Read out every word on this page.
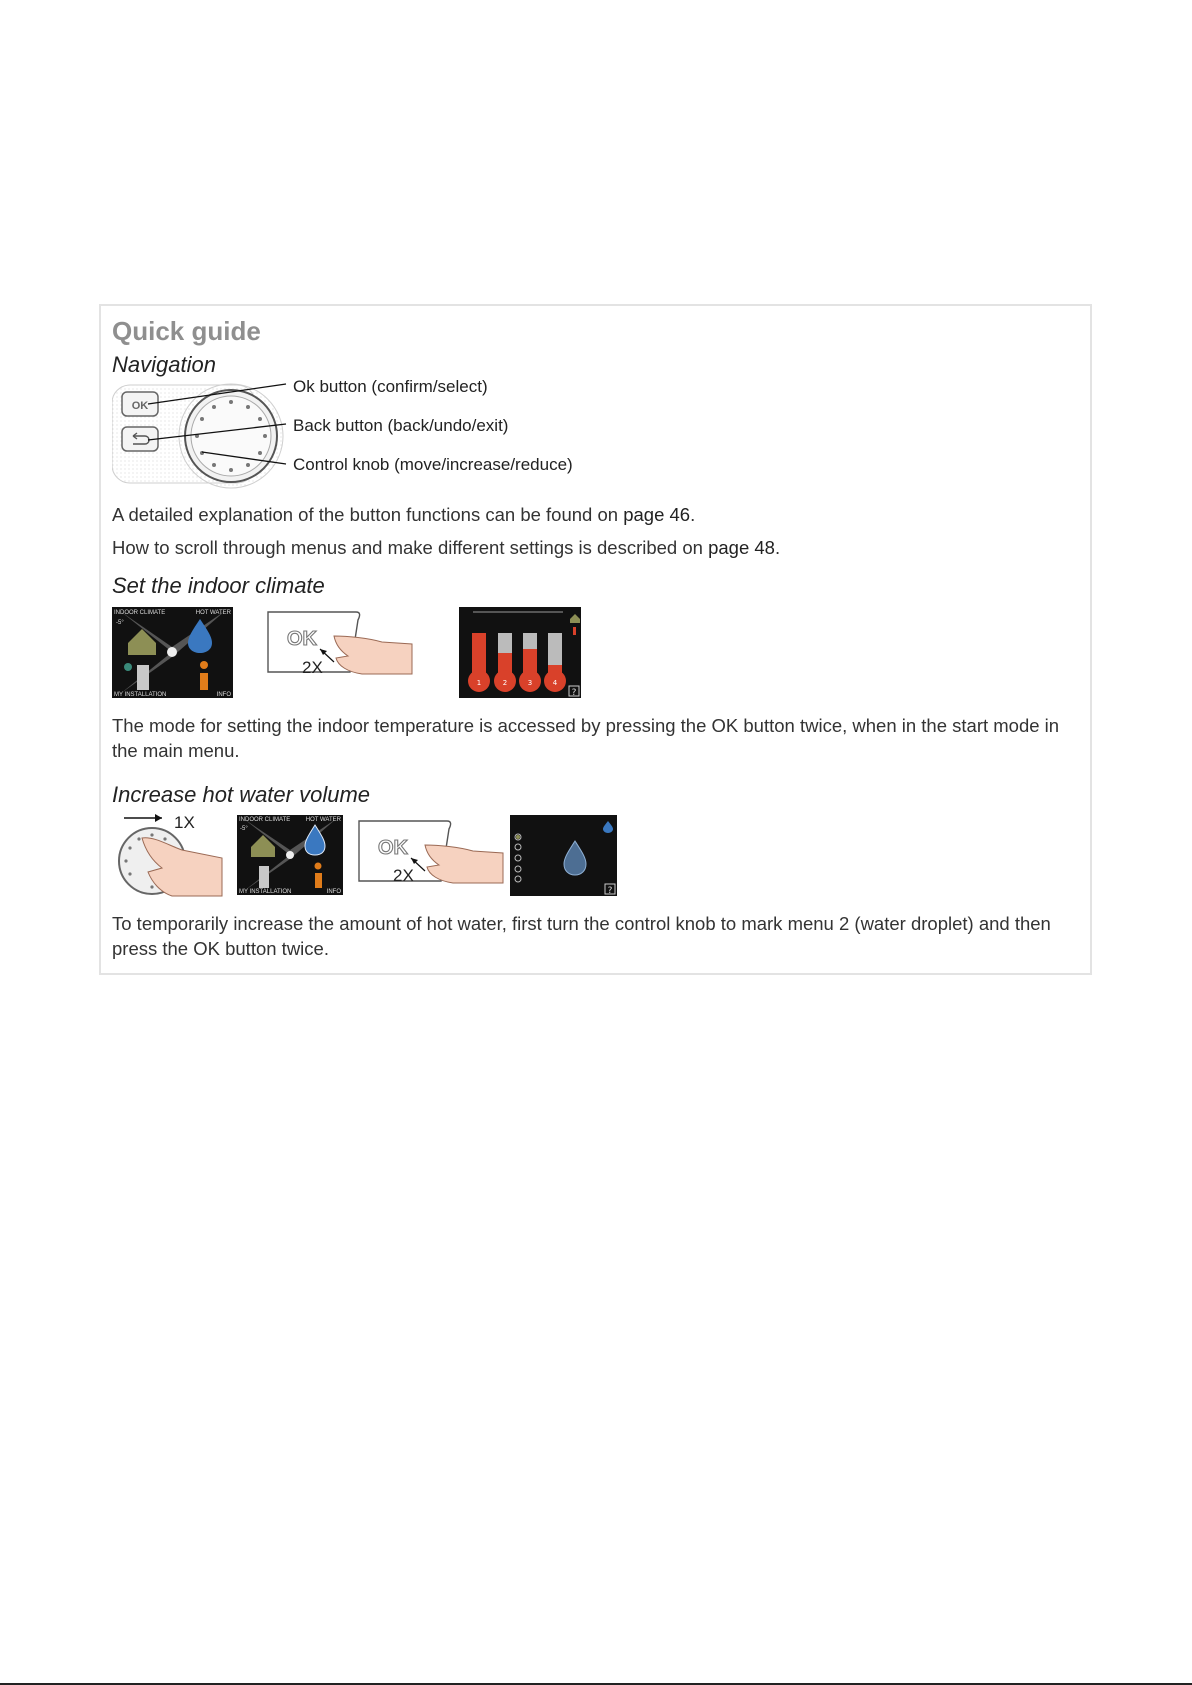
Quick guide
Navigation
OK
Ok button (confirm/select)
Back button (back/undo/exit)
Control knob (move/increase/reduce)
A detailed explanation of the button functions can be found on page 46.
How to scroll through menus and make different settings is described on page 48.
Set the indoor climate
INDOOR CLIMATE	HOT WATER
MY INSTALLATION	INFO
-5°
OK
2X
1	2	3	4
?
The mode for setting the indoor temperature is accessed by pressing the OK button twice, when in the start mode in the main menu.
Increase hot water volume
1X	INDOOR CLIMATE	HOT WATER
MY INSTALLATION	INFO
-5°
OK
2X
?
To temporarily increase the amount of hot water, first turn the control knob to mark menu 2 (water droplet) and then press the OK button twice.
